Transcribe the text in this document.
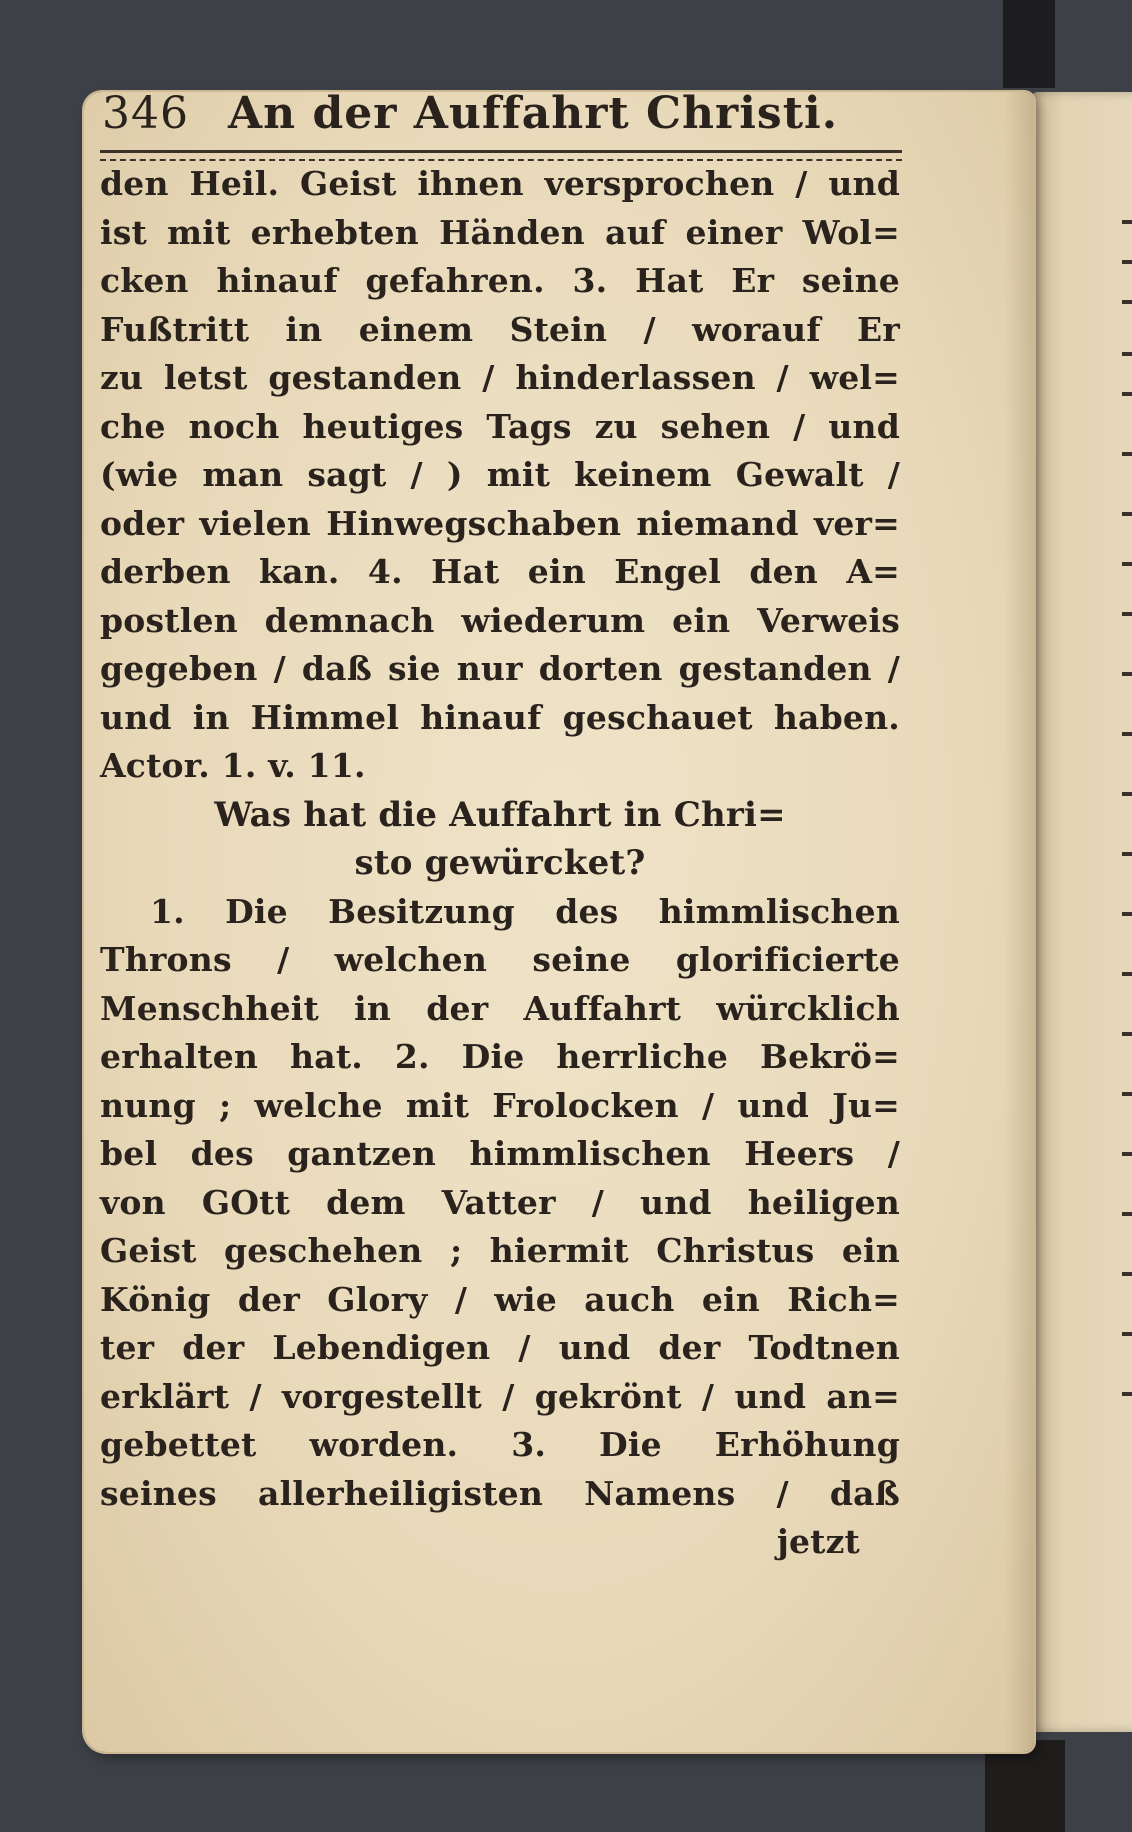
346 An der Auffahrt Christi.
den Heil. Geist ihnen versprochen / und
ist mit erhebten Händen auf einer Wol=
cken hinauf gefahren. 3. Hat Er seine
Fußtritt in einem Stein / worauf Er
zu letst gestanden / hinderlassen / wel=
che noch heutiges Tags zu sehen / und
(wie man sagt / ) mit keinem Gewalt /
oder vielen Hinwegschaben niemand ver=
derben kan. 4. Hat ein Engel den A=
postlen demnach wiederum ein Verweis
gegeben / daß sie nur dorten gestanden /
und in Himmel hinauf geschauet haben.
Actor. 1. v. 11.
Was hat die Auffahrt in Chri=
sto gewürcket?
1. Die Besitzung des himmlischen
Throns / welchen seine glorificierte
Menschheit in der Auffahrt würcklich
erhalten hat. 2. Die herrliche Bekrö=
nung ; welche mit Frolocken / und Ju=
bel des gantzen himmlischen Heers /
von GOtt dem Vatter / und heiligen
Geist geschehen ; hiermit Christus ein
König der Glory / wie auch ein Rich=
ter der Lebendigen / und der Todtnen
erklärt / vorgestellt / gekrönt / und an=
gebettet worden. 3. Die Erhöhung
seines allerheiligisten Namens / daß
jetzt
